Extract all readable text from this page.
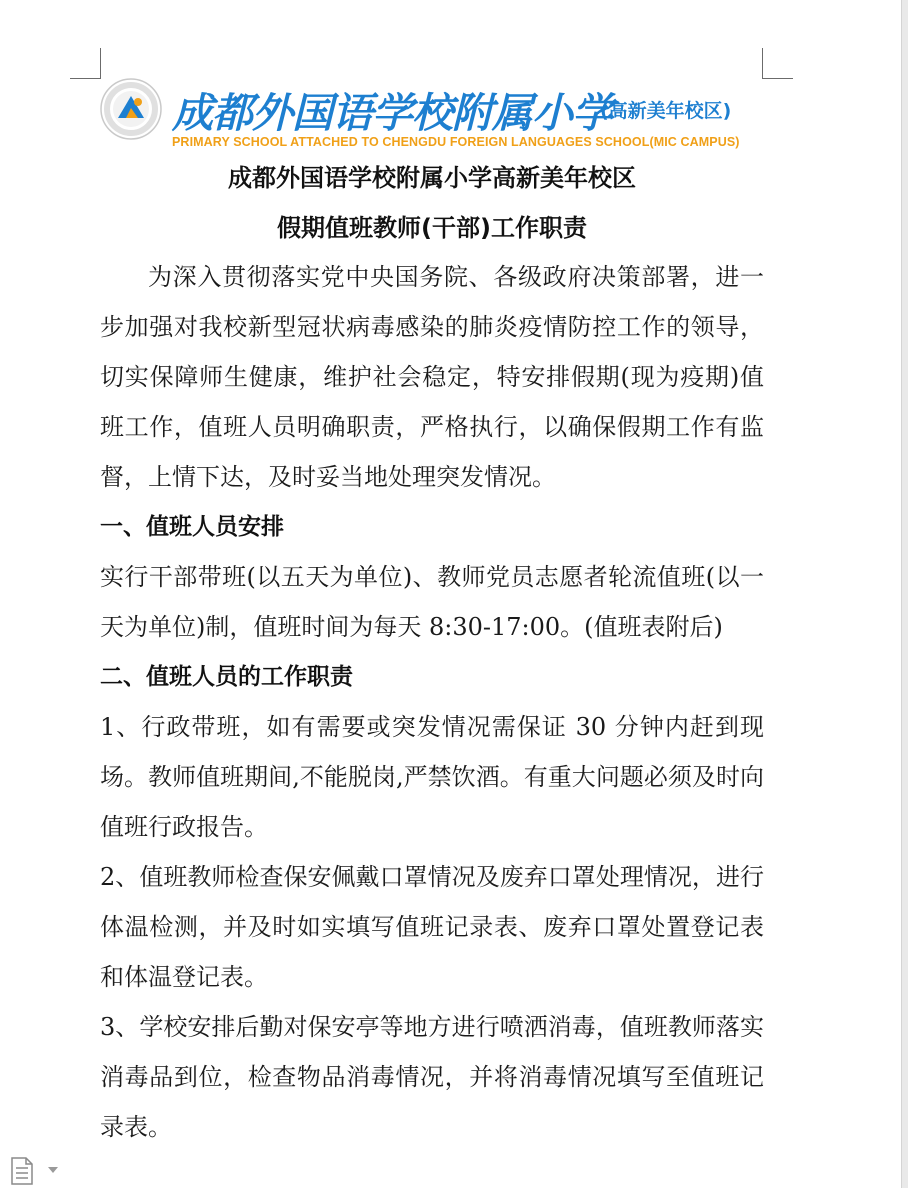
成都外国语学校附属小学
(高新美年校区)
PRIMARY SCHOOL ATTACHED TO CHENGDU FOREIGN LANGUAGES SCHOOL(MIC CAMPUS)
成都外国语学校附属小学高新美年校区
假期值班教师(干部)工作职责

为深入贯彻落实党中央国务院、各级政府决策部署，进一步加强对我校新型冠状病毒感染的肺炎疫情防控工作的领导，切实保障师生健康，维护社会稳定，特安排假期(现为疫期)值班工作，值班人员明确职责，严格执行，以确保假期工作有监督，上情下达，及时妥当地处理突发情况。

一、值班人员安排

实行干部带班(以五天为单位)、教师党员志愿者轮流值班(以一天为单位)制，值班时间为每天 8:30-17:00。(值班表附后)

二、值班人员的工作职责

1、行政带班，如有需要或突发情况需保证 30 分钟内赶到现场。教师值班期间,不能脱岗,严禁饮酒。有重大问题必须及时向值班行政报告。

2、值班教师检查保安佩戴口罩情况及废弃口罩处理情况，进行体温检测，并及时如实填写值班记录表、废弃口罩处置登记表和体温登记表。

3、学校安排后勤对保安亭等地方进行喷洒消毒，值班教师落实消毒品到位，检查物品消毒情况，并将消毒情况填写至值班记录表。
